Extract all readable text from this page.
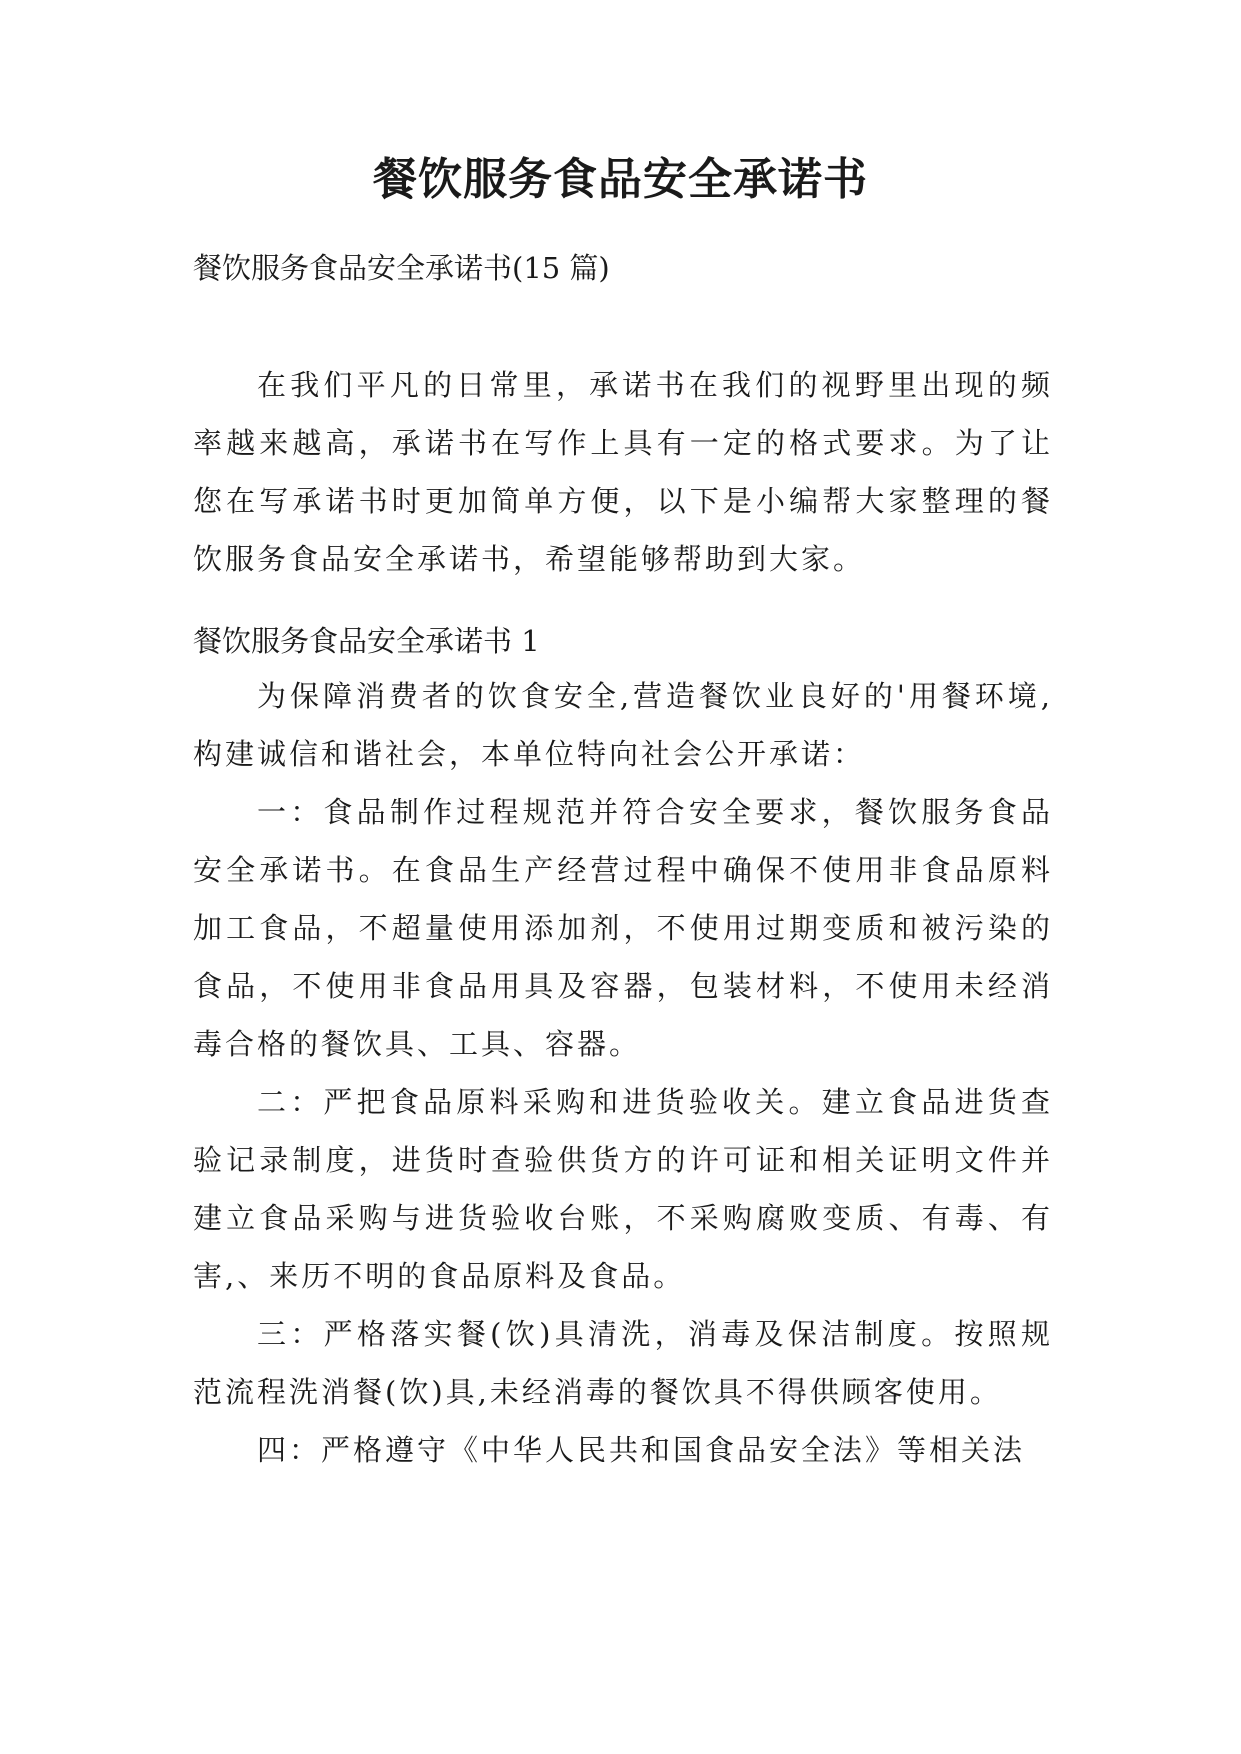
餐饮服务食品安全承诺书

餐饮服务食品安全承诺书(15 篇)

在我们平凡的日常里，承诺书在我们的视野里出现的频率越来越高，承诺书在写作上具有一定的格式要求。为了让您在写承诺书时更加简单方便，以下是小编帮大家整理的餐饮服务食品安全承诺书，希望能够帮助到大家。

餐饮服务食品安全承诺书 1

为保障消费者的饮食安全,营造餐饮业良好的'用餐环境,构建诚信和谐社会，本单位特向社会公开承诺：

一：食品制作过程规范并符合安全要求，餐饮服务食品安全承诺书。在食品生产经营过程中确保不使用非食品原料加工食品，不超量使用添加剂，不使用过期变质和被污染的食品，不使用非食品用具及容器，包装材料，不使用未经消毒合格的餐饮具、工具、容器。

二：严把食品原料采购和进货验收关。建立食品进货查验记录制度，进货时查验供货方的许可证和相关证明文件并建立食品采购与进货验收台账，不采购腐败变质、有毒、有害,、来历不明的食品原料及食品。

三：严格落实餐(饮)具清洗，消毒及保洁制度。按照规范流程洗消餐(饮)具,未经消毒的餐饮具不得供顾客使用。

四：严格遵守《中华人民共和国食品安全法》等相关法
